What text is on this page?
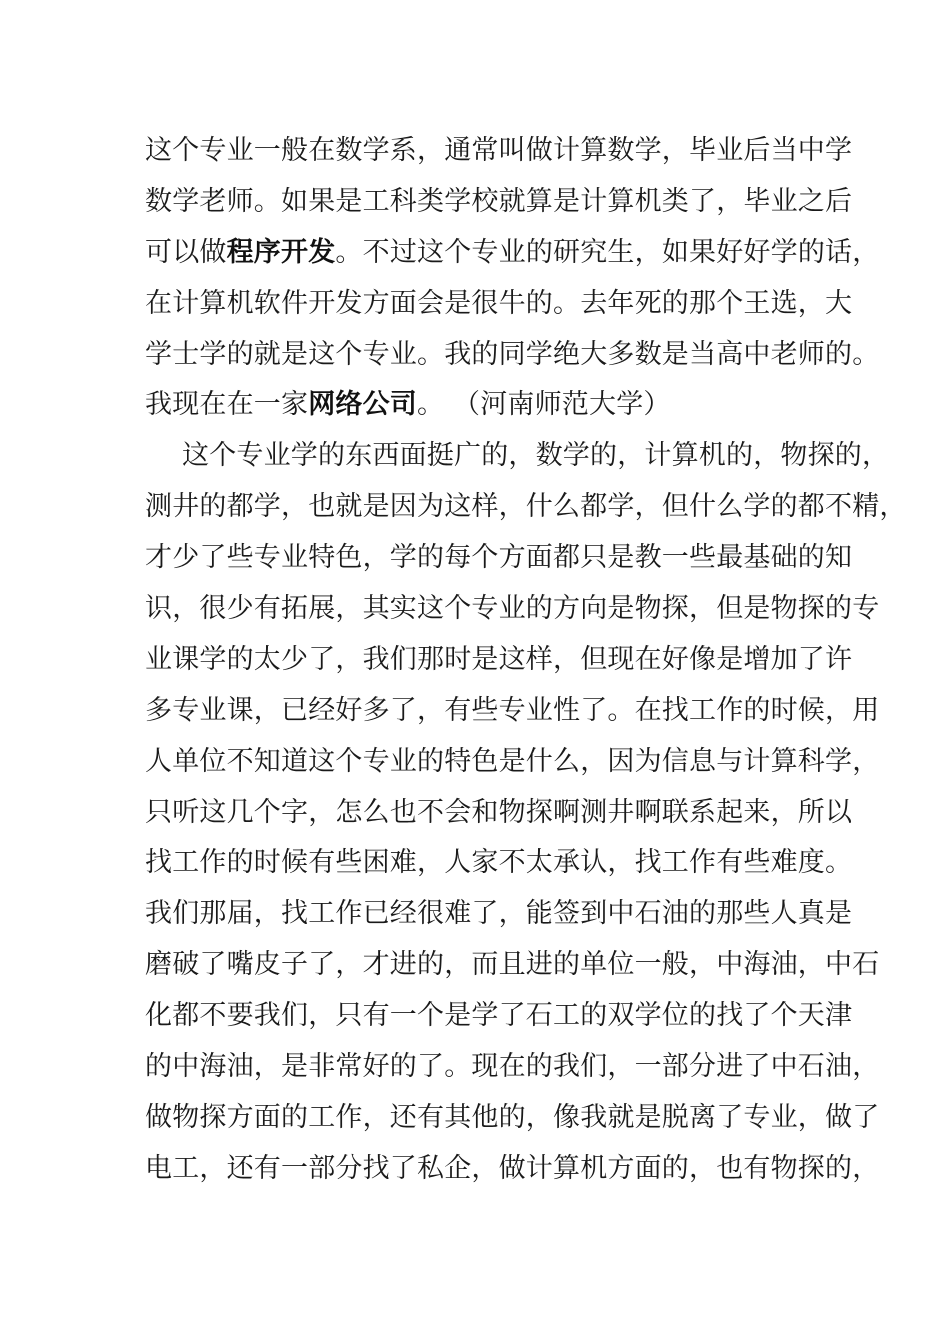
这个专业一般在数学系，通常叫做计算数学，毕业后当中学
数学老师。如果是工科类学校就算是计算机类了，毕业之后
可以做程序开发。不过这个专业的研究生，如果好好学的话，
在计算机软件开发方面会是很牛的。去年死的那个王选，大
学士学的就是这个专业。我的同学绝大多数是当高中老师的。
我现在在一家网络公司。 （河南师范大学）
这个专业学的东西面挺广的，数学的，计算机的，物探的，
测井的都学，也就是因为这样，什么都学，但什么学的都不精，
才少了些专业特色，学的每个方面都只是教一些最基础的知
识，很少有拓展，其实这个专业的方向是物探，但是物探的专
业课学的太少了，我们那时是这样，但现在好像是增加了许
多专业课，已经好多了，有些专业性了。在找工作的时候，用
人单位不知道这个专业的特色是什么，因为信息与计算科学，
只听这几个字，怎么也不会和物探啊测井啊联系起来，所以
找工作的时候有些困难，人家不太承认，找工作有些难度。
我们那届，找工作已经很难了，能签到中石油的那些人真是
磨破了嘴皮子了，才进的，而且进的单位一般，中海油，中石
化都不要我们，只有一个是学了石工的双学位的找了个天津
的中海油，是非常好的了。现在的我们，一部分进了中石油，
做物探方面的工作，还有其他的，像我就是脱离了专业，做了
电工，还有一部分找了私企，做计算机方面的，也有物探的，
